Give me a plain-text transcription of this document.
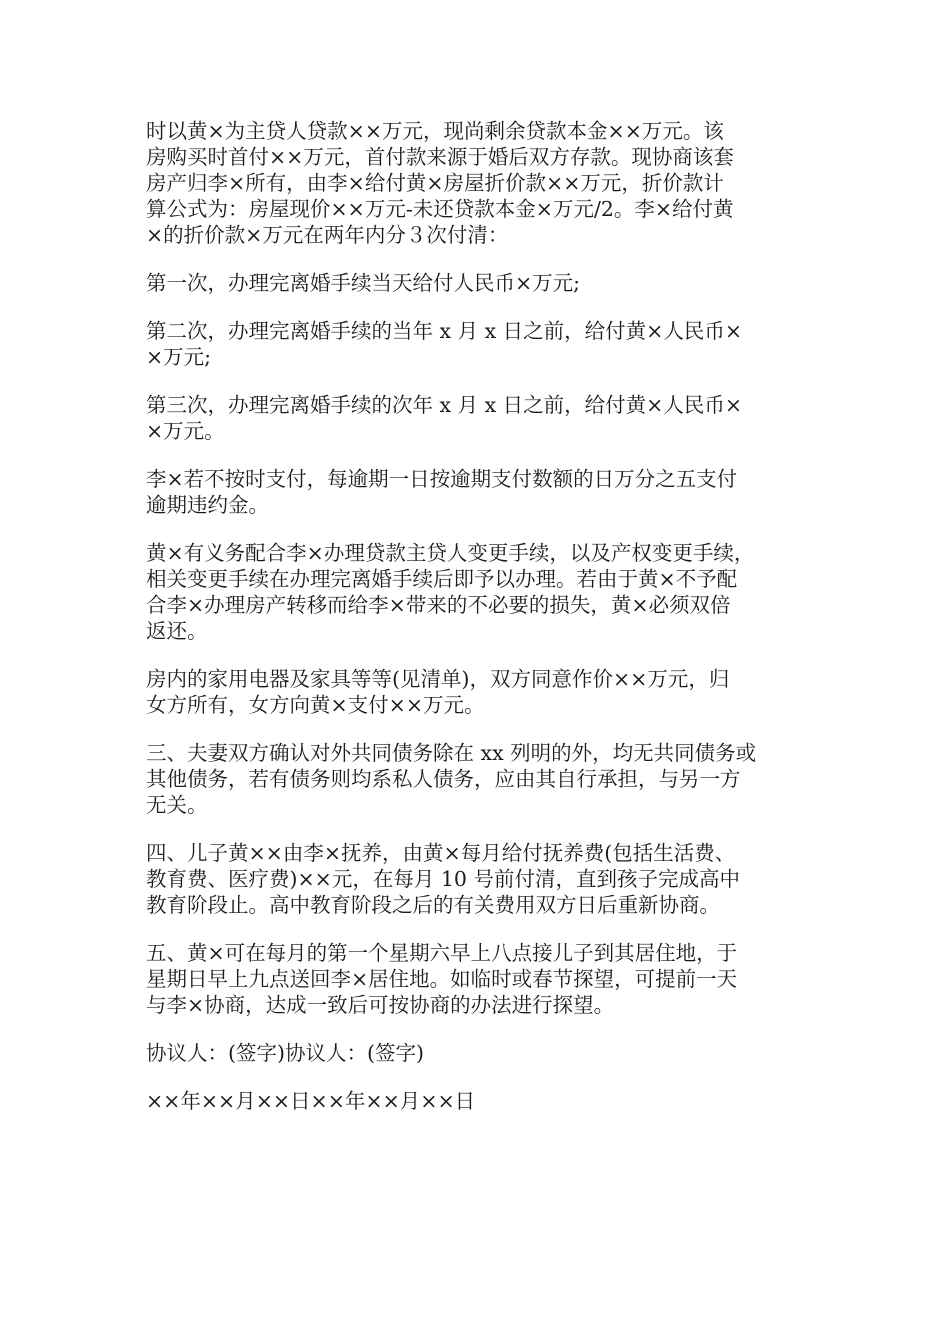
时以黄×为主贷人贷款××万元，现尚剩余贷款本金××万元。该
房购买时首付××万元，首付款来源于婚后双方存款。现协商该套
房产归李×所有，由李×给付黄×房屋折价款××万元，折价款计
算公式为：房屋现价××万元-未还贷款本金×万元/2。李×给付黄
×的折价款×万元在两年内分３次付清：

第一次，办理完离婚手续当天给付人民币×万元;

第二次，办理完离婚手续的当年 x 月 x 日之前，给付黄×人民币×
×万元;

第三次，办理完离婚手续的次年 x 月 x 日之前，给付黄×人民币×
×万元。

李×若不按时支付，每逾期一日按逾期支付数额的日万分之五支付
逾期违约金。

黄×有义务配合李×办理贷款主贷人变更手续，以及产权变更手续，
相关变更手续在办理完离婚手续后即予以办理。若由于黄×不予配
合李×办理房产转移而给李×带来的不必要的损失，黄×必须双倍
返还。

房内的家用电器及家具等等(见清单)，双方同意作价××万元，归
女方所有，女方向黄×支付××万元。

三、夫妻双方确认对外共同债务除在 xx 列明的外，均无共同债务或
其他债务，若有债务则均系私人债务，应由其自行承担，与另一方
无关。

四、儿子黄××由李×抚养，由黄×每月给付抚养费(包括生活费、
教育费、医疗费)××元，在每月 10 号前付清，直到孩子完成高中
教育阶段止。高中教育阶段之后的有关费用双方日后重新协商。

五、黄×可在每月的第一个星期六早上八点接儿子到其居住地，于
星期日早上九点送回李×居住地。如临时或春节探望，可提前一天
与李×协商，达成一致后可按协商的办法进行探望。

协议人：(签字)协议人：(签字)

××年××月××日××年××月××日
